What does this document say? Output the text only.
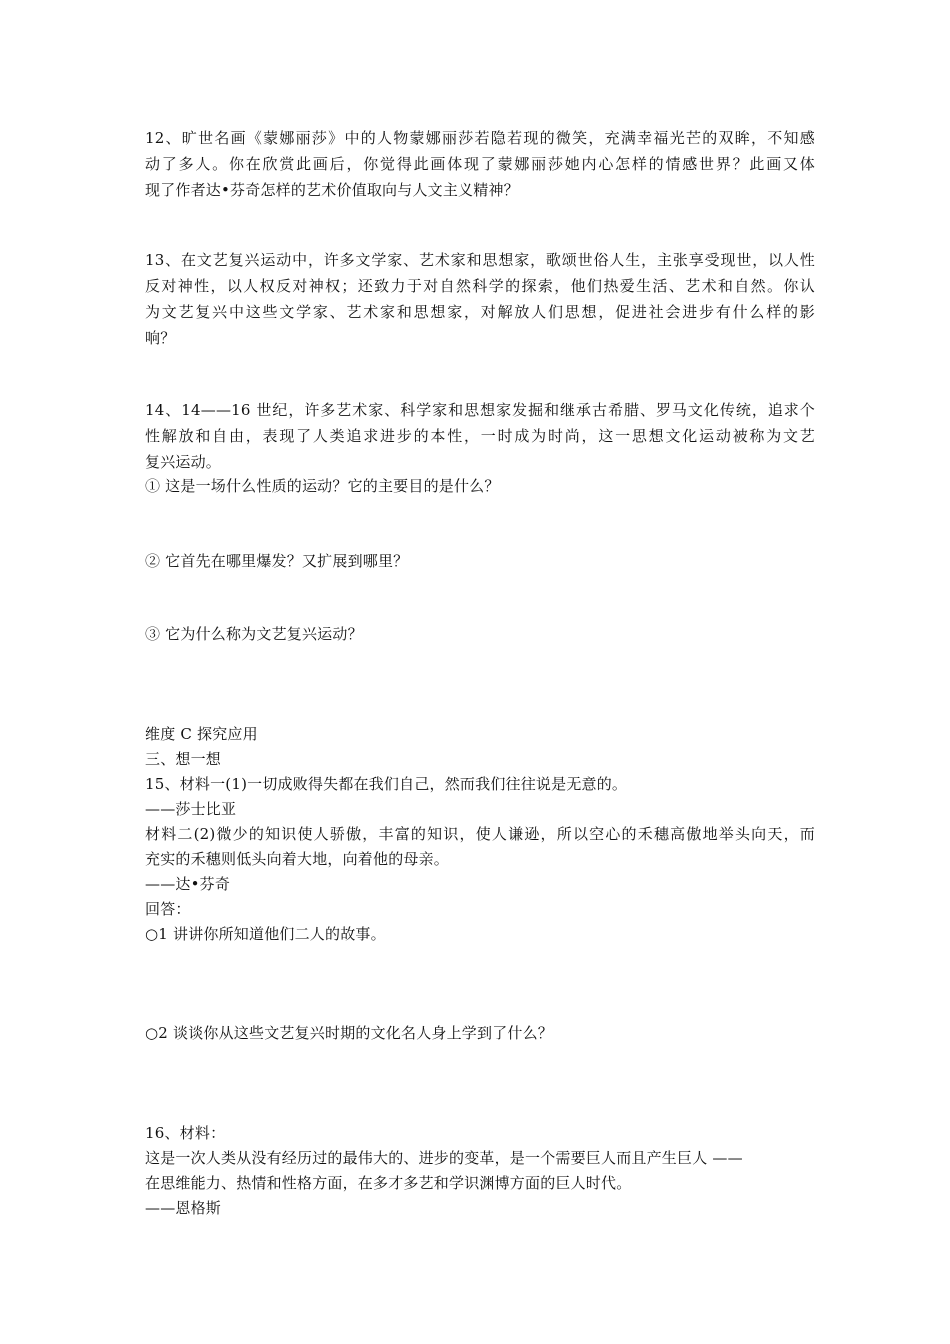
12、旷世名画《蒙娜丽莎》中的人物蒙娜丽莎若隐若现的微笑，充满幸福光芒的双眸，不知感
动了多人。你在欣赏此画后，你觉得此画体现了蒙娜丽莎她内心怎样的情感世界？此画又体
现了作者达•芬奇怎样的艺术价值取向与人文主义精神？
13、在文艺复兴运动中，许多文学家、艺术家和思想家，歌颂世俗人生，主张享受现世，以人性
反对神性，以人权反对神权；还致力于对自然科学的探索，他们热爱生活、艺术和自然。你认
为文艺复兴中这些文学家、艺术家和思想家，对解放人们思想，促进社会进步有什么样的影
响？
14、14——16 世纪，许多艺术家、科学家和思想家发掘和继承古希腊、罗马文化传统，追求个
性解放和自由，表现了人类追求进步的本性，一时成为时尚，这一思想文化运动被称为文艺
复兴运动。
① 这是一场什么性质的运动？它的主要目的是什么？
② 它首先在哪里爆发？又扩展到哪里？
③ 它为什么称为文艺复兴运动？
维度 C 探究应用
三、想一想
15、材料一(1)一切成败得失都在我们自己，然而我们往往说是无意的。
——莎士比亚
材料二(2)微少的知识使人骄傲，丰富的知识，使人谦逊，所以空心的禾穗高傲地举头向天，而
充实的禾穗则低头向着大地，向着他的母亲。
——达•芬奇
回答：
○1 讲讲你所知道他们二人的故事。
○2 谈谈你从这些文艺复兴时期的文化名人身上学到了什么？
16、材料：
这是一次人类从没有经历过的最伟大的、进步的变革，是一个需要巨人而且产生巨人 ——
在思维能力、热情和性格方面，在多才多艺和学识渊博方面的巨人时代。
——恩格斯
